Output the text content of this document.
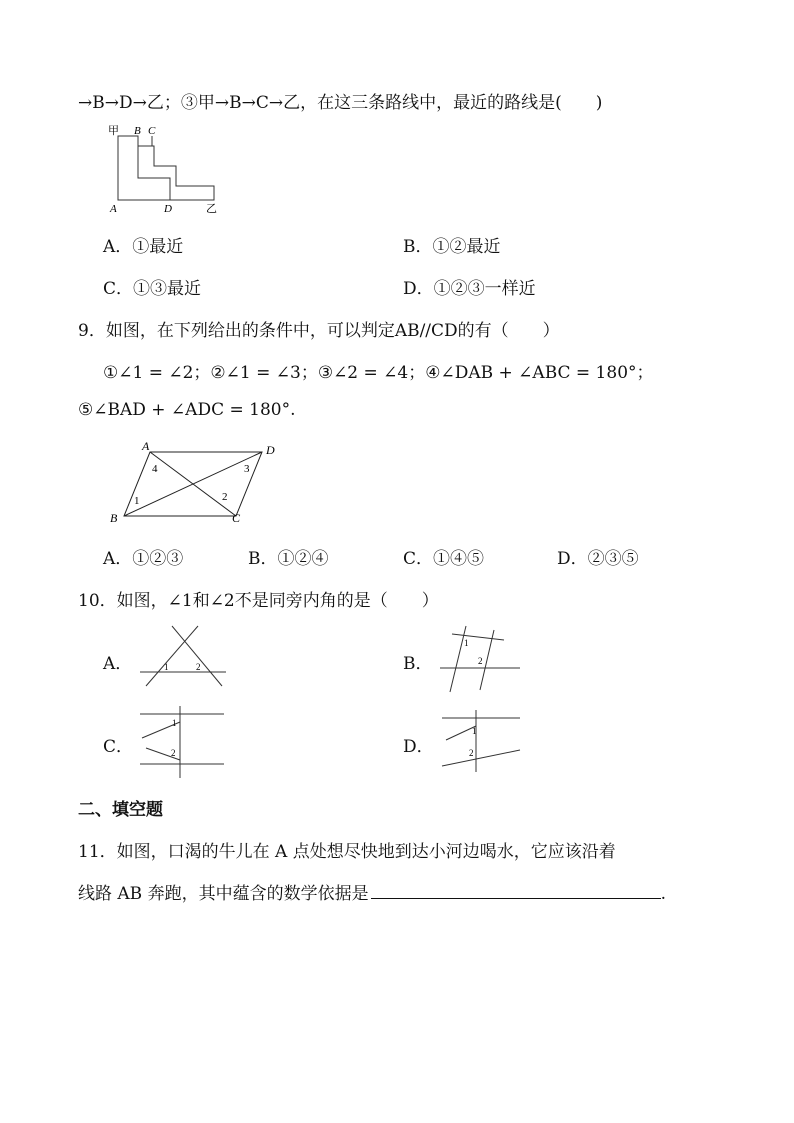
→B→D→乙；③甲→B→C→乙，在这三条路线中，最近的路线是(　　)
甲 B C
A	D	乙
A．①最近	B．①②最近
C．①③最近	D．①②③一样近
9．如图，在下列给出的条件中，可以判定AB//CD的有（　　）
①∠1 = ∠2；②∠1 = ∠3；③∠2 = ∠4；④∠DAB + ∠ABC = 180°；
⑤∠BAD + ∠ADC = 180°.
A	D
B	C
1	2
3
4
A．①②③	B．①②④	C．①④⑤	D．②③⑤
10．如图，∠1和∠2不是同旁内角的是（　　）
A．	1	2	B．
1
2
C．
1
2	D．
1
2
二、填空题
11．如图，口渴的牛儿在 A 点处想尽快地到达小河边喝水，它应该沿着
线路 AB 奔跑，其中蕴含的数学依据是	.
